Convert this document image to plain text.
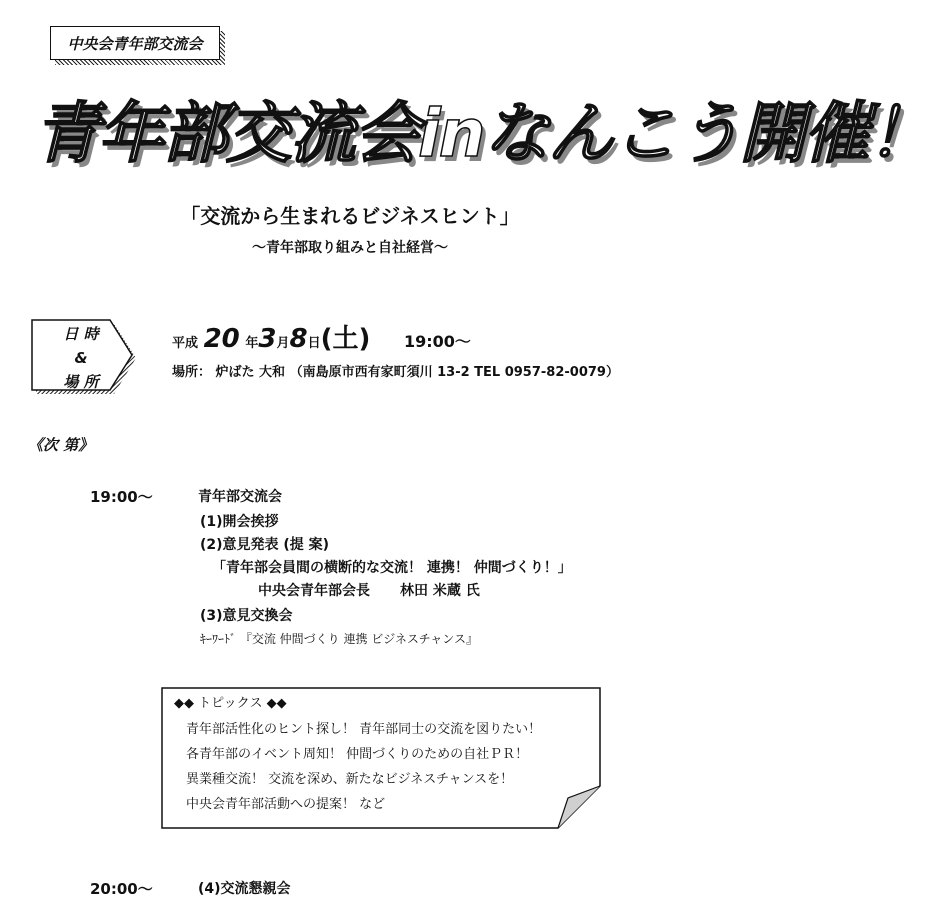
中央会青年部交流会
青年部交流会inなんこう開催！
「交流から生まれるビジネスヒント」
～青年部取り組みと自社経営～
日 時
&
場 所
平成 20 年3月8日(土) 19:00～
場所： 炉ばた 大和 （南島原市西有家町須川 13-2 TEL 0957-82-0079）
《次 第》
19:00～	青年部交流会
(1)開会挨拶
(2)意見発表 (提 案)
「青年部会員間の横断的な交流！ 連携！ 仲間づくり！」
中央会青年部会長 林田 米蔵 氏
(3)意見交換会
ｷｰﾜｰﾄﾞ 『交流 仲間づくり 連携 ビジネスチャンス』
◆◆ トピックス ◆◆
青年部活性化のヒント探し！ 青年部同士の交流を図りたい！
各青年部のイベント周知！ 仲間づくりのための自社ＰＲ！
異業種交流！ 交流を深め、新たなビジネスチャンスを！
中央会青年部活動への提案！ など
20:00～	(4)交流懇親会
